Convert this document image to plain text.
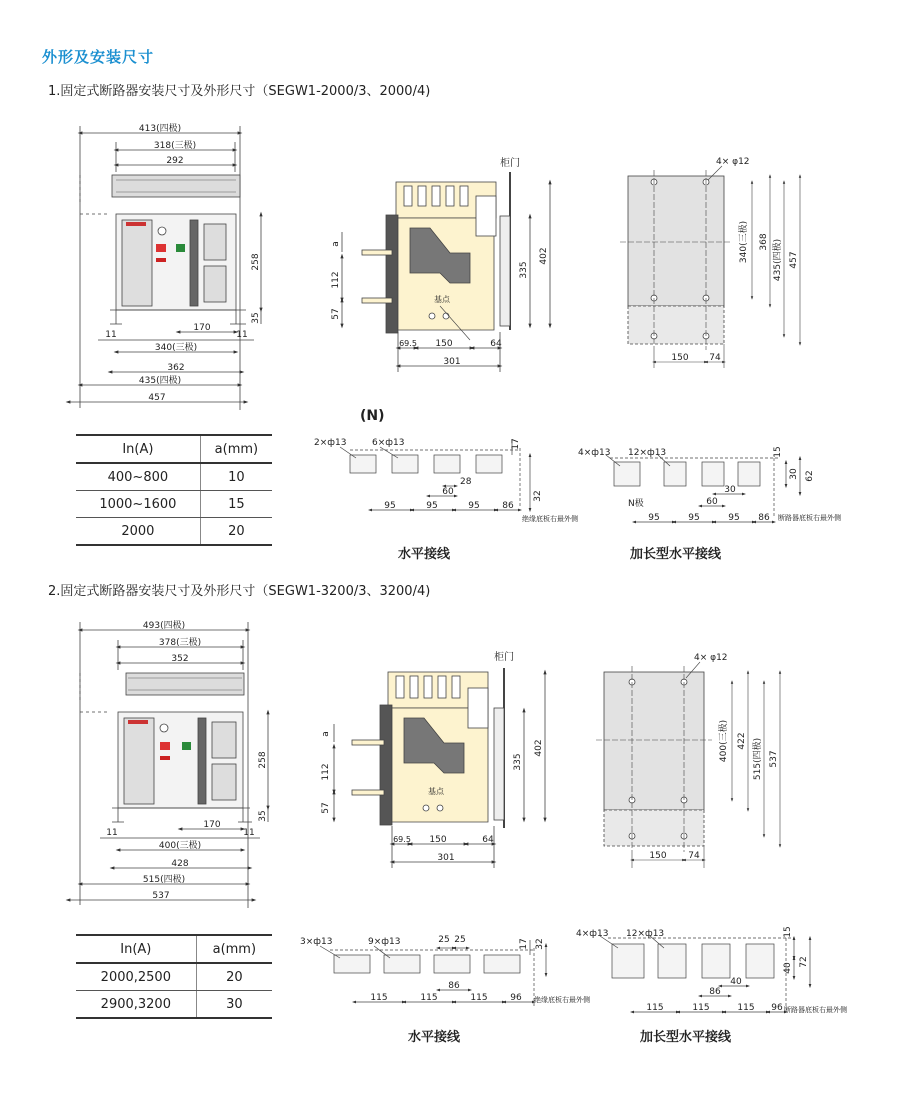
外形及安装尺寸
1.固定式断路器安装尺寸及外形尺寸（SEGW1-2000/3、2000/4)
2.固定式断路器安装尺寸及外形尺寸（SEGW1-3200/3、3200/4)
413(四极)
318(三极)
292
258
35
170
11	11
340(三极)
362
435(四极)
457
柜门
a
112
57
基点
335
402
69.5 150	64
301
4× φ12
340(三极) 368 435(四极) 457
150 74
(N)
2×ф13	6×ф13	17
28
60	32
95	95	95	86
绝缘底板右最外侧
4×ф13 12×ф13	15
30 62
N极	60
30
95	95	95 86 断路器底板右最外侧
493(四极)
378(三极)
352
258
35
170
11	11
400(三极)
428
515(四极)
537
柜门
a
112
57
基点
335
402
69.5 150	64
301
4× φ12
400(三极) 422 515(四极) 537
150 74
3×ф13	9×ф13	25 25	17 32
86
115	115	115	96 绝缘底板右最外侧
4×ф13 12×ф13	15
40
72
86
40
115	115	115 96 断路器底板右最外侧
In(A)	a(mm)
400~800	10
1000~1600	15
2000	20
In(A)	a(mm)
2000,2500	20
2900,3200	30
水平接线	加长型水平接线
水平接线	加长型水平接线
